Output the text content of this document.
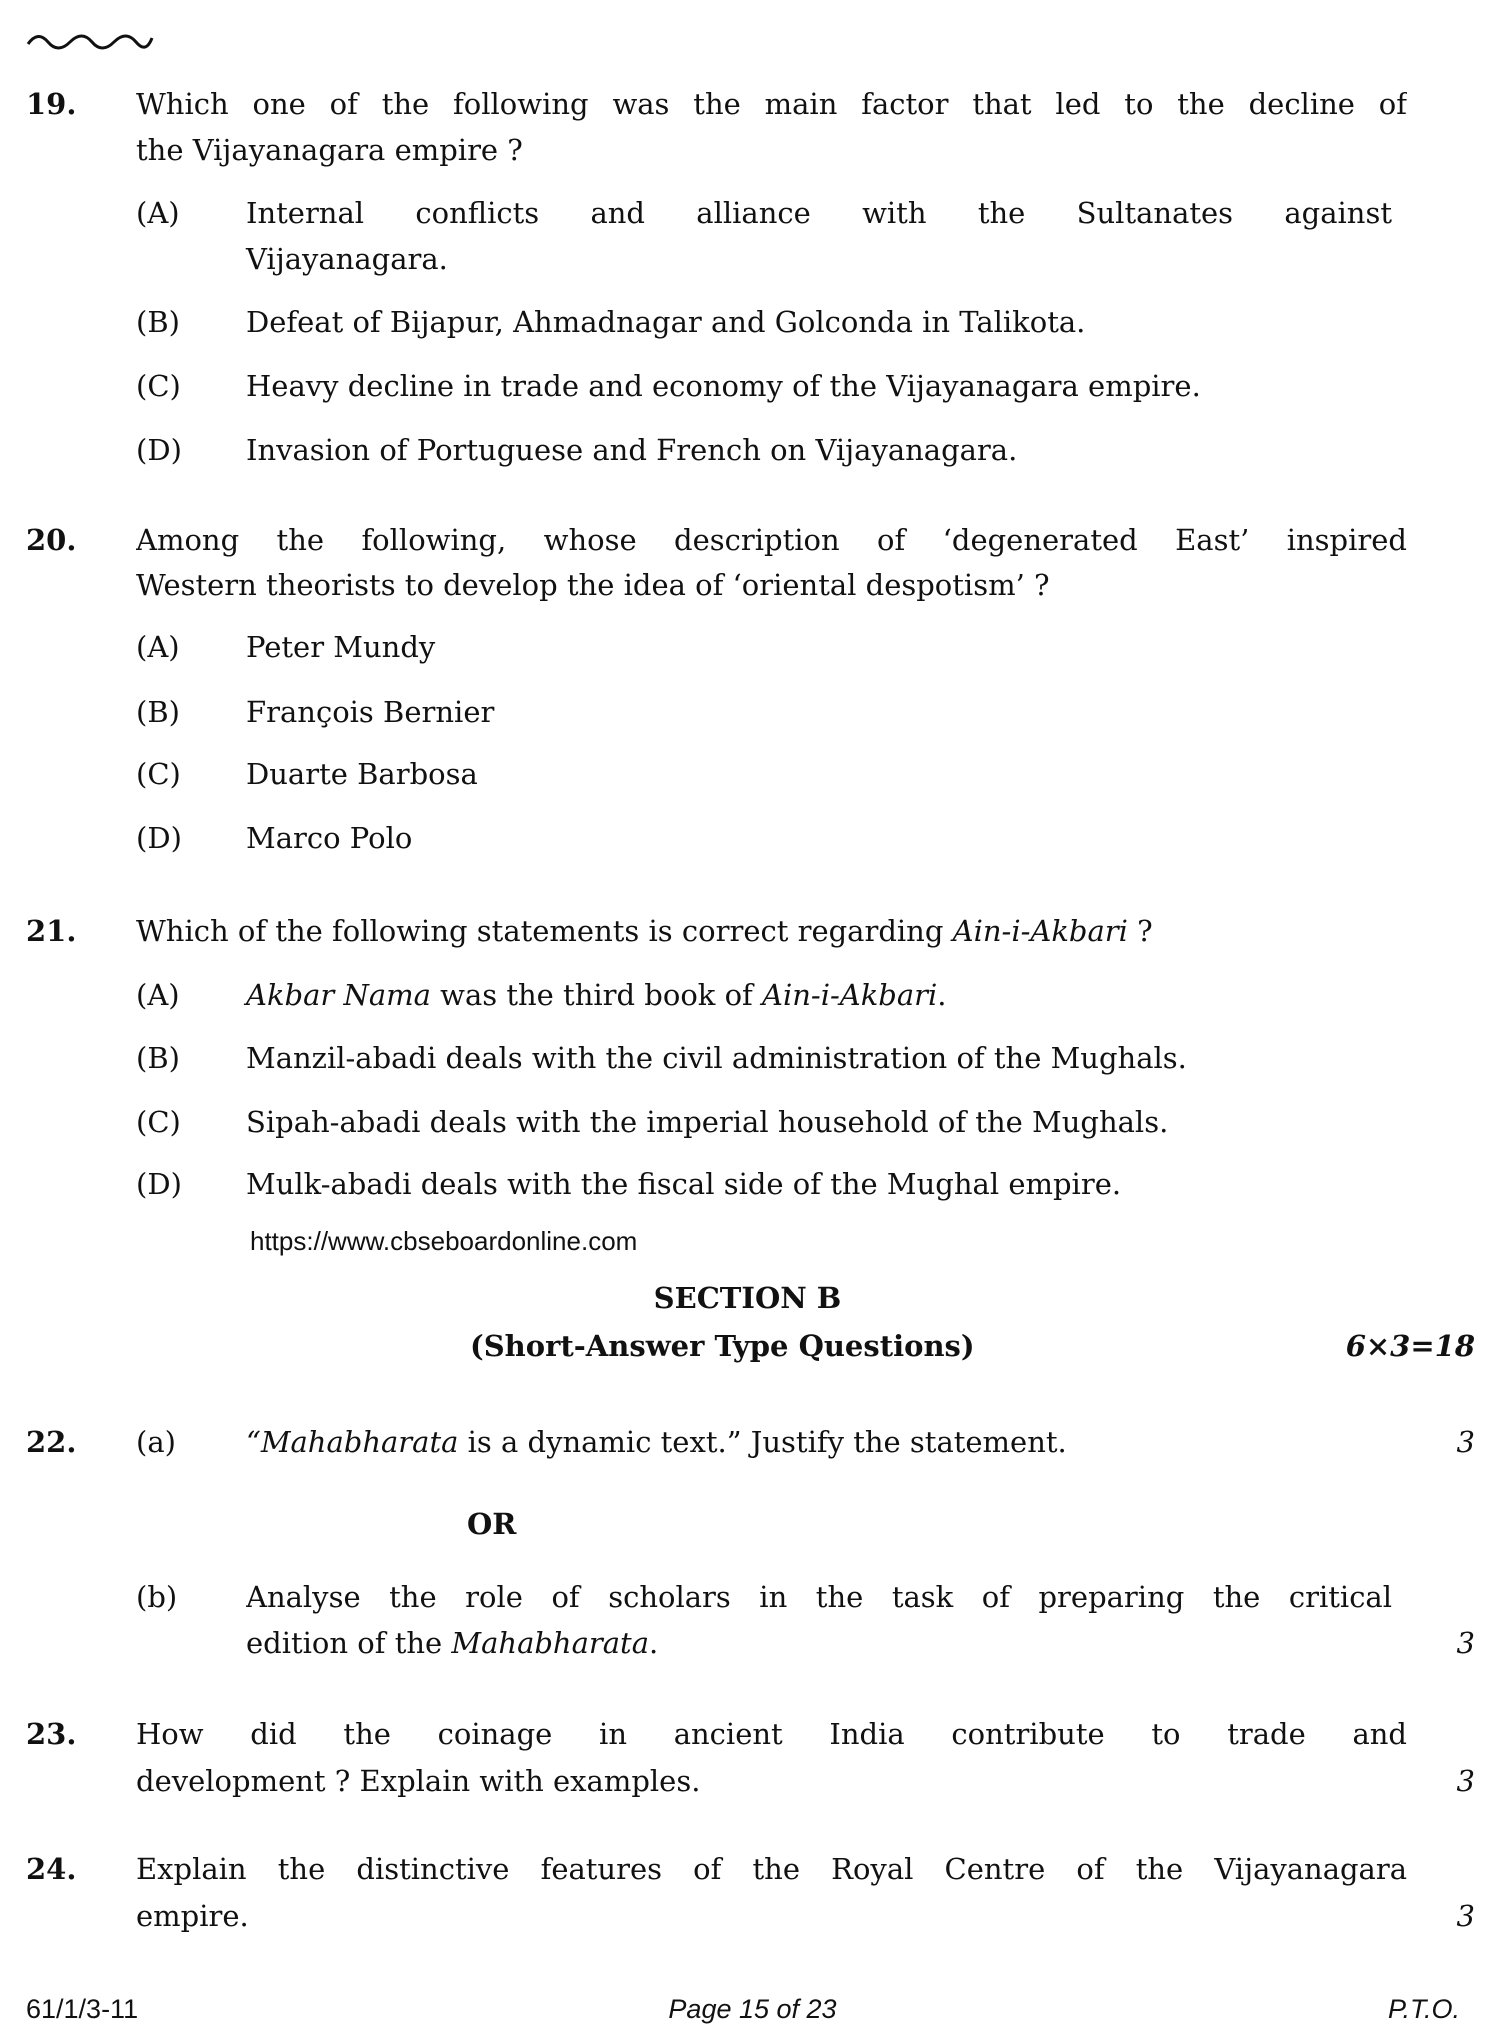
19. Which one of the following was the main factor that led to the decline of
the Vijayanagara empire ?
(A) Internal conflicts and alliance with the Sultanates against
Vijayanagara.
(B) Defeat of Bijapur, Ahmadnagar and Golconda in Talikota.
(C) Heavy decline in trade and economy of the Vijayanagara empire.
(D) Invasion of Portuguese and French on Vijayanagara.
20. Among the following, whose description of ‘degenerated East’ inspired
Western theorists to develop the idea of ‘oriental despotism’ ?
(A) Peter Mundy
(B) François Bernier
(C) Duarte Barbosa
(D) Marco Polo
21. Which of the following statements is correct regarding Ain-i-Akbari ?
(A) Akbar Nama was the third book of Ain-i-Akbari.
(B) Manzil-abadi deals with the civil administration of the Mughals.
(C) Sipah-abadi deals with the imperial household of the Mughals.
(D) Mulk-abadi deals with the fiscal side of the Mughal empire.
https://www.cbseboardonline.com
SECTION B
(Short-Answer Type Questions)	6×3=18
22. (a) “Mahabharata is a dynamic text.” Justify the statement.	3
OR
(b) Analyse the role of scholars in the task of preparing the critical
edition of the Mahabharata.	3
23. How did the coinage in ancient India contribute to trade and
development ? Explain with examples.	3
24. Explain the distinctive features of the Royal Centre of the Vijayanagara
empire.	3
61/1/3-11	Page 15 of 23	P.T.O.
